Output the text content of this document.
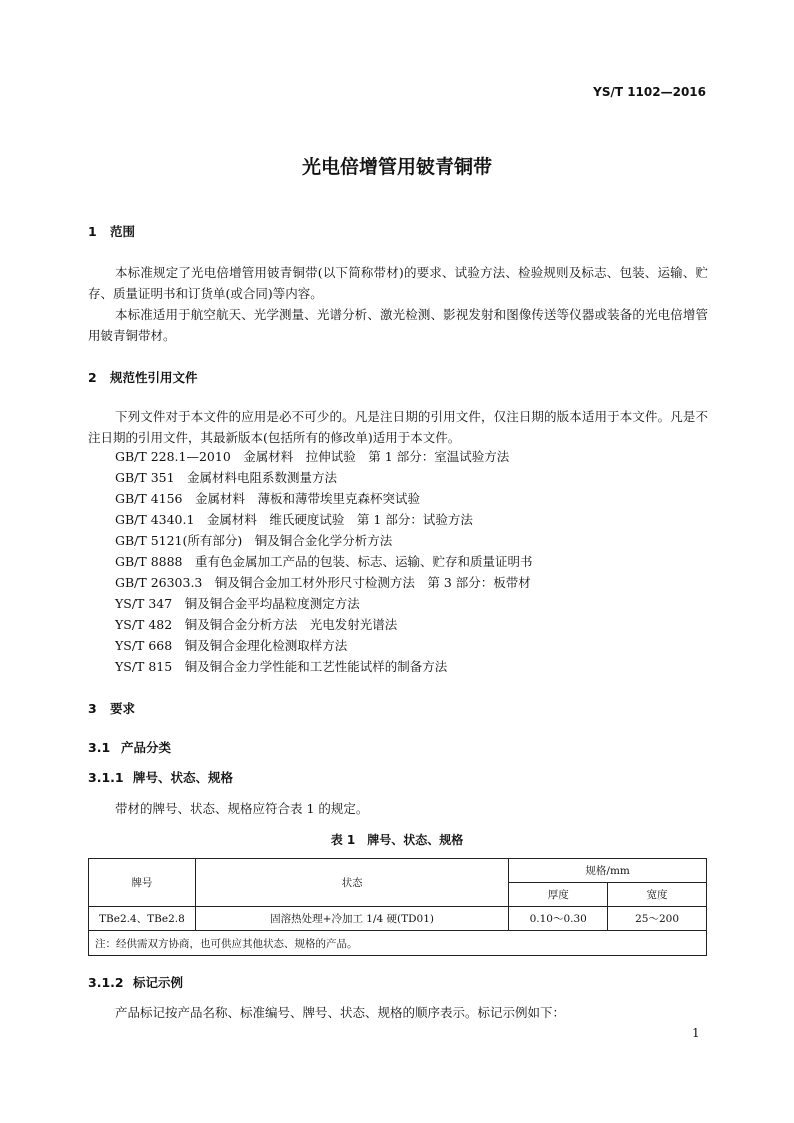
YS/T 1102—2016
光电倍增管用铍青铜带
1 范围
本标准规定了光电倍增管用铍青铜带(以下简称带材)的要求、试验方法、检验规则及标志、包装、运输、贮存、质量证明书和订货单(或合同)等内容。
本标准适用于航空航天、光学测量、光谱分析、激光检测、影视发射和图像传送等仪器或装备的光电倍增管用铍青铜带材。
2 规范性引用文件
下列文件对于本文件的应用是必不可少的。凡是注日期的引用文件，仅注日期的版本适用于本文件。凡是不注日期的引用文件，其最新版本(包括所有的修改单)适用于本文件。
GB/T 228.1—2010　金属材料　拉伸试验　第 1 部分：室温试验方法
GB/T 351　金属材料电阻系数测量方法
GB/T 4156　金属材料　薄板和薄带埃里克森杯突试验
GB/T 4340.1　金属材料　维氏硬度试验　第 1 部分：试验方法
GB/T 5121(所有部分)　铜及铜合金化学分析方法
GB/T 8888　重有色金属加工产品的包装、标志、运输、贮存和质量证明书
GB/T 26303.3　铜及铜合金加工材外形尺寸检测方法　第 3 部分：板带材
YS/T 347　铜及铜合金平均晶粒度测定方法
YS/T 482　铜及铜合金分析方法　光电发射光谱法
YS/T 668　铜及铜合金理化检测取样方法
YS/T 815　铜及铜合金力学性能和工艺性能试样的制备方法
3 要求
3.1 产品分类
3.1.1 牌号、状态、规格
带材的牌号、状态、规格应符合表 1 的规定。
表 1　牌号、状态、规格
牌号	状态	规格/mm	
		厚度	宽度
TBe2.4、TBe2.8	固溶热处理+冷加工 1/4 硬(TD01)	0.10～0.30	25～200
注：经供需双方协商，也可供应其他状态、规格的产品。			
3.1.2 标记示例
产品标记按产品名称、标准编号、牌号、状态、规格的顺序表示。标记示例如下：
1
